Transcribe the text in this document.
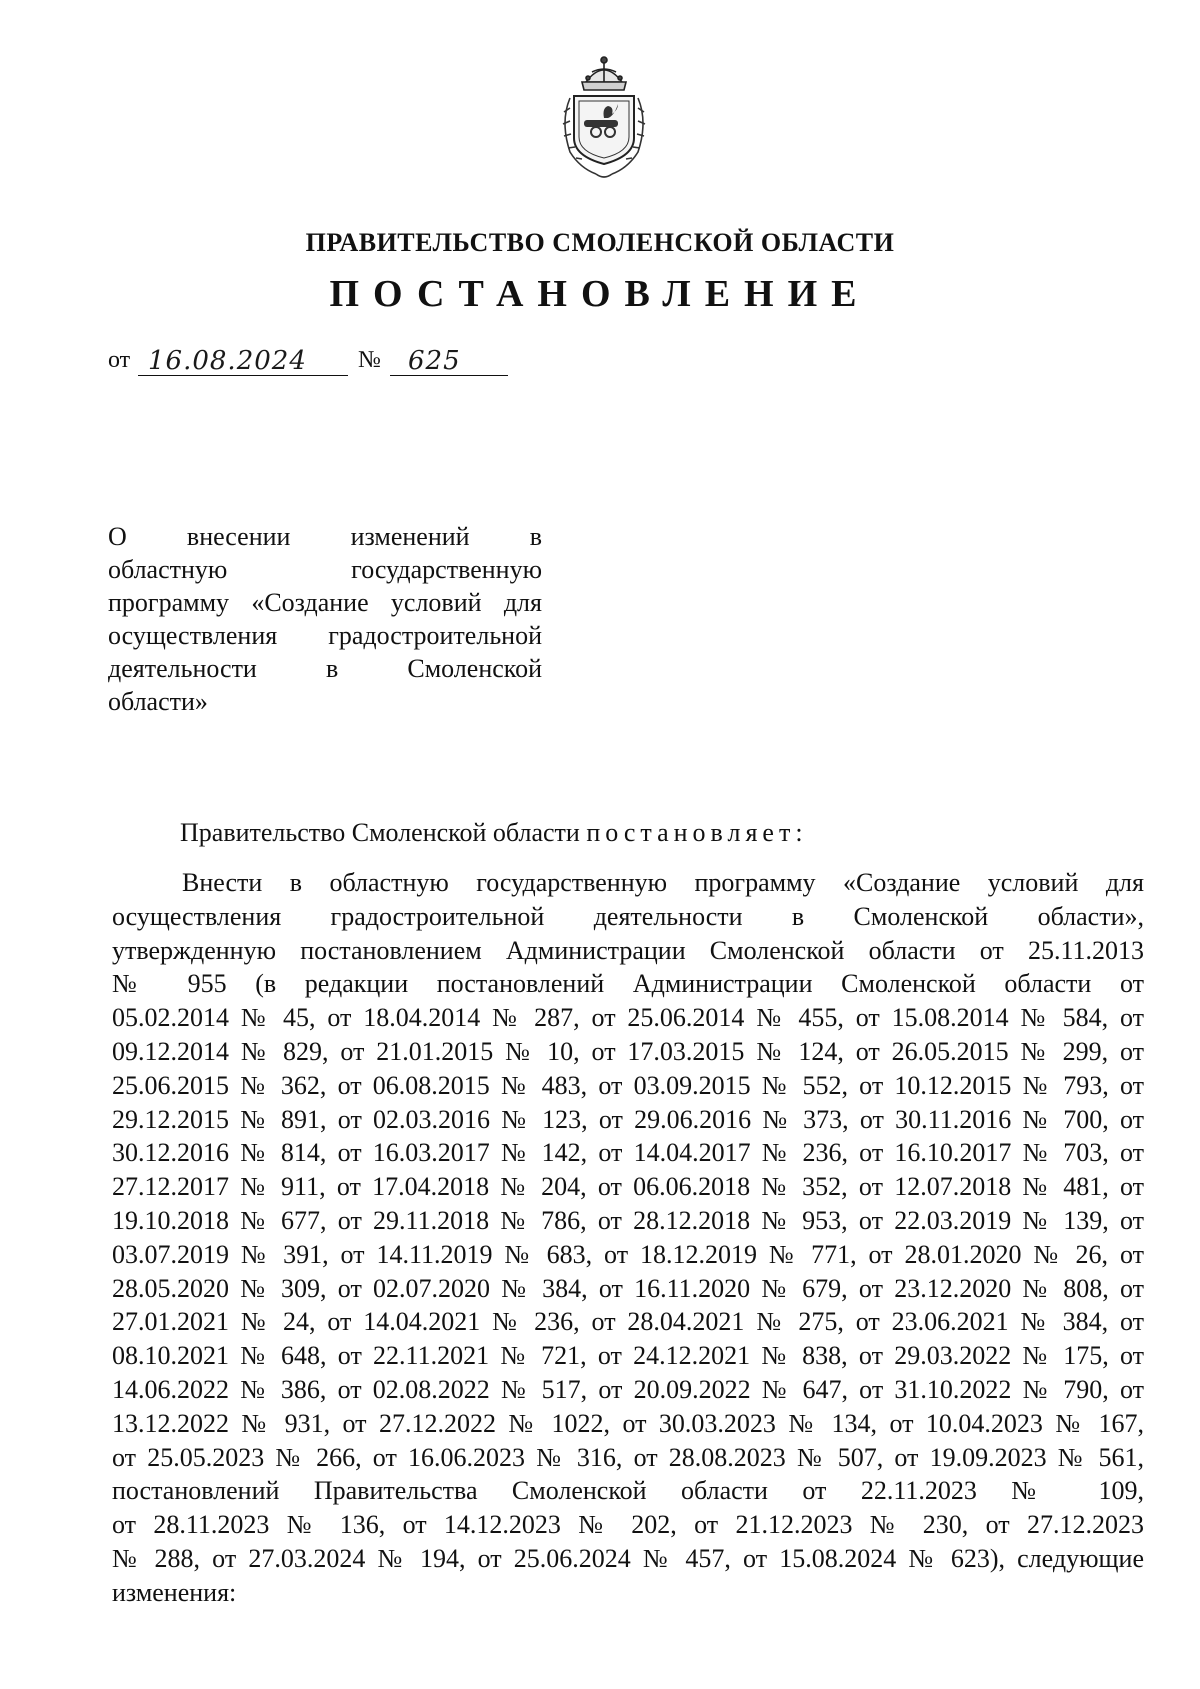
ПРАВИТЕЛЬСТВО СМОЛЕНСКОЙ ОБЛАСТИ
ПОСТАНОВЛЕНИЕ
от 16.08.2024 № 625
О внесении изменений в
областную государственную
программу «Создание условий для
осуществления градостроительной
деятельности в Смоленской
области»
Правительство Смоленской области постановляет:
Внести в областную государственную программу «Создание условий для
осуществления градостроительной деятельности в Смоленской области»,
утвержденную постановлением Администрации Смоленской области от 25.11.2013
№ 955 (в редакции постановлений Администрации Смоленской области от
05.02.2014 № 45, от 18.04.2014 № 287, от 25.06.2014 № 455, от 15.08.2014 № 584, от
09.12.2014 № 829, от 21.01.2015 № 10, от 17.03.2015 № 124, от 26.05.2015 № 299, от
25.06.2015 № 362, от 06.08.2015 № 483, от 03.09.2015 № 552, от 10.12.2015 № 793, от
29.12.2015 № 891, от 02.03.2016 № 123, от 29.06.2016 № 373, от 30.11.2016 № 700, от
30.12.2016 № 814, от 16.03.2017 № 142, от 14.04.2017 № 236, от 16.10.2017 № 703, от
27.12.2017 № 911, от 17.04.2018 № 204, от 06.06.2018 № 352, от 12.07.2018 № 481, от
19.10.2018 № 677, от 29.11.2018 № 786, от 28.12.2018 № 953, от 22.03.2019 № 139, от
03.07.2019 № 391, от 14.11.2019 № 683, от 18.12.2019 № 771, от 28.01.2020 № 26, от
28.05.2020 № 309, от 02.07.2020 № 384, от 16.11.2020 № 679, от 23.12.2020 № 808, от
27.01.2021 № 24, от 14.04.2021 № 236, от 28.04.2021 № 275, от 23.06.2021 № 384, от
08.10.2021 № 648, от 22.11.2021 № 721, от 24.12.2021 № 838, от 29.03.2022 № 175, от
14.06.2022 № 386, от 02.08.2022 № 517, от 20.09.2022 № 647, от 31.10.2022 № 790, от
13.12.2022 № 931, от 27.12.2022 № 1022, от 30.03.2023 № 134, от 10.04.2023 № 167,
от 25.05.2023 № 266, от 16.06.2023 № 316, от 28.08.2023 № 507, от 19.09.2023 № 561,
постановлений Правительства Смоленской области от 22.11.2023 № 109,
от 28.11.2023 № 136, от 14.12.2023 № 202, от 21.12.2023 № 230, от 27.12.2023
№ 288, от 27.03.2024 № 194, от 25.06.2024 № 457, от 15.08.2024 № 623), следующие
изменения:
